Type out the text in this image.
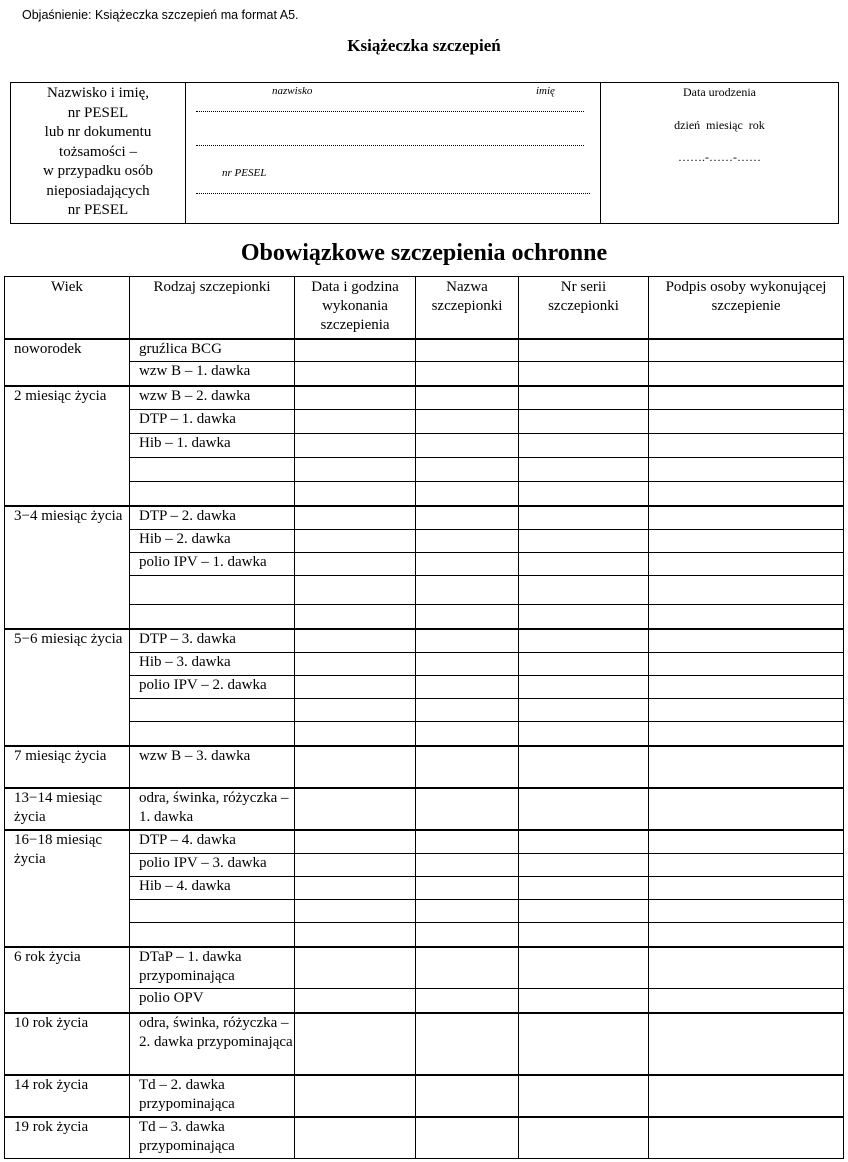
Objaśnienie: Książeczka szczepień ma format A5.
Książeczka szczepień
Nazwisko i imię,
nr PESEL
lub nr dokumentu
tożsamości –
w przypadku osób
nieposiadających
nr PESEL
nazwisko	imię
nr PESEL
Data urodzenia
dzień  miesiąc  rok
…….-……-……
Obowiązkowe szczepienia ochronne
Wiek	Rodzaj szczepionki	Data i godzina wykonania szczepienia	Nazwa szczepionki	Nr serii szczepionki	Podpis osoby wykonującej szczepienie
noworodek	gruźlica BCG				
	wzw B – 1. dawka				
2 miesiąc życia	wzw B – 2. dawka				
	DTP – 1. dawka				
	Hib – 1. dawka				

3−4 miesiąc życia	DTP – 2. dawka				
	Hib – 2. dawka				
	polio IPV – 1. dawka				

5−6 miesiąc życia	DTP – 3. dawka				
	Hib – 3. dawka				
	polio IPV – 2. dawka				

7 miesiąc życia	wzw B – 3. dawka				
13−14 miesiąc życia	odra, świnka, różyczka – 1. dawka				
16−18 miesiąc życia	DTP – 4. dawka				
	polio IPV – 3. dawka				
	Hib – 4. dawka				

6 rok życia	DTaP – 1. dawka przypominająca				
	polio OPV				
10 rok życia	odra, świnka, różyczka – 2. dawka przypominająca				
14 rok życia	Td – 2. dawka przypominająca				
19 rok życia	Td – 3. dawka przypominająca				
